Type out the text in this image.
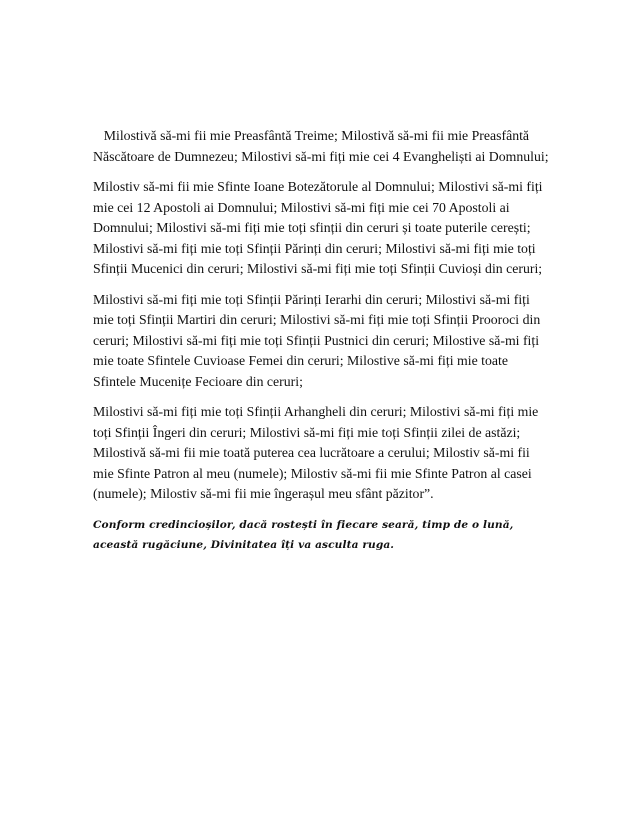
Milostivă să-mi fii mie Preasfântă Treime; Milostivă să-mi fii mie Preasfântă Născătoare de Dumnezeu; Milostivi să-mi fiți mie cei 4 Evangheliști ai Domnului;

Milostiv să-mi fii mie Sfinte Ioane Botezătorule al Domnului; Milostivi să-mi fiți mie cei 12 Apostoli ai Domnului; Milostivi să-mi fiți mie cei 70 Apostoli ai Domnului; Milostivi să-mi fiți mie toți sfinții din ceruri și toate puterile cerești; Milostivi să-mi fiți mie toți Sfinții Părinți din ceruri; Milostivi să-mi fiți mie toți Sfinții Mucenici din ceruri; Milostivi să-mi fiți mie toți Sfinții Cuvioși din ceruri;

Milostivi să-mi fiți mie toți Sfinții Părinți Ierarhi din ceruri; Milostivi să-mi fiți mie toți Sfinții Martiri din ceruri; Milostivi să-mi fiți mie toți Sfinții Prooroci din ceruri; Milostivi să-mi fiți mie toți Sfinții Pustnici din ceruri; Milostive să-mi fiți mie toate Sfintele Cuvioase Femei din ceruri; Milostive să-mi fiți mie toate Sfintele Mucenițe Fecioare din ceruri;

Milostivi să-mi fiți mie toți Sfinții Arhangheli din ceruri; Milostivi să-mi fiți mie toți Sfinții Îngeri din ceruri; Milostivi să-mi fiți mie toți Sfinții zilei de astăzi; Milostivă să-mi fii mie toată puterea cea lucrătoare a cerului; Milostiv să-mi fii mie Sfinte Patron al meu (numele); Milostiv să-mi fii mie Sfinte Patron al casei (numele); Milostiv să-mi fii mie îngerașul meu sfânt păzitor”.

Conform credincioșilor, dacă rostești în fiecare seară, timp de o lună, această rugăciune, Divinitatea îți va asculta ruga.
